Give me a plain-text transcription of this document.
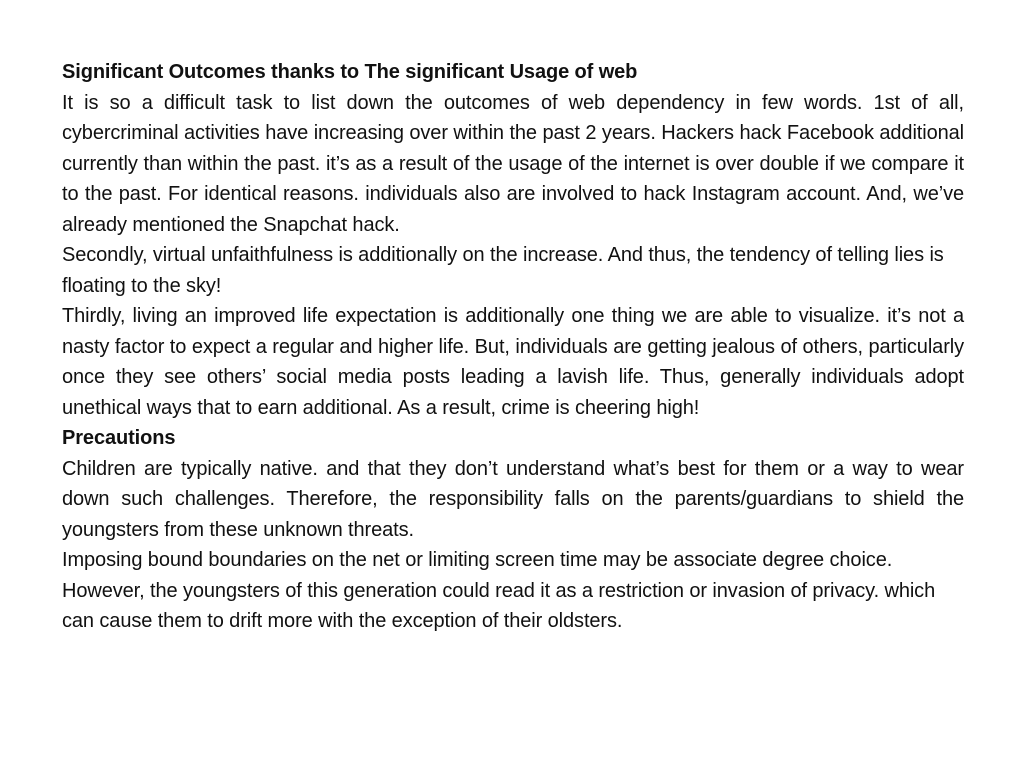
Significant Outcomes thanks to The significant Usage of web

It is so a difficult task to list down the outcomes of web dependency in few words. 1st of all, cybercriminal activities have increasing over within the past 2 years. Hackers hack Facebook additional currently than within the past. it’s as a result of the usage of the internet is over double if we compare it to the past. For identical reasons. individuals also are involved to hack Instagram account. And, we’ve already mentioned the Snapchat hack.

Secondly, virtual unfaithfulness is additionally on the increase. And thus, the tendency of telling lies is floating to the sky!

Thirdly, living an improved life expectation is additionally one thing we are able to visualize. it’s not a nasty factor to expect a regular and higher life. But, individuals are getting jealous of others, particularly once they see others’ social media posts leading a lavish life. Thus, generally individuals adopt unethical ways that to earn additional. As a result, crime is cheering high!

Precautions

Children are typically native. and that they don’t understand what’s best for them or a way to wear down such challenges. Therefore, the responsibility falls on the parents/guardians to shield the youngsters from these unknown threats.

Imposing bound boundaries on the net or limiting screen time may be associate degree choice. However, the youngsters of this generation could read it as a restriction or invasion of privacy. which can cause them to drift more with the exception of their oldsters.
